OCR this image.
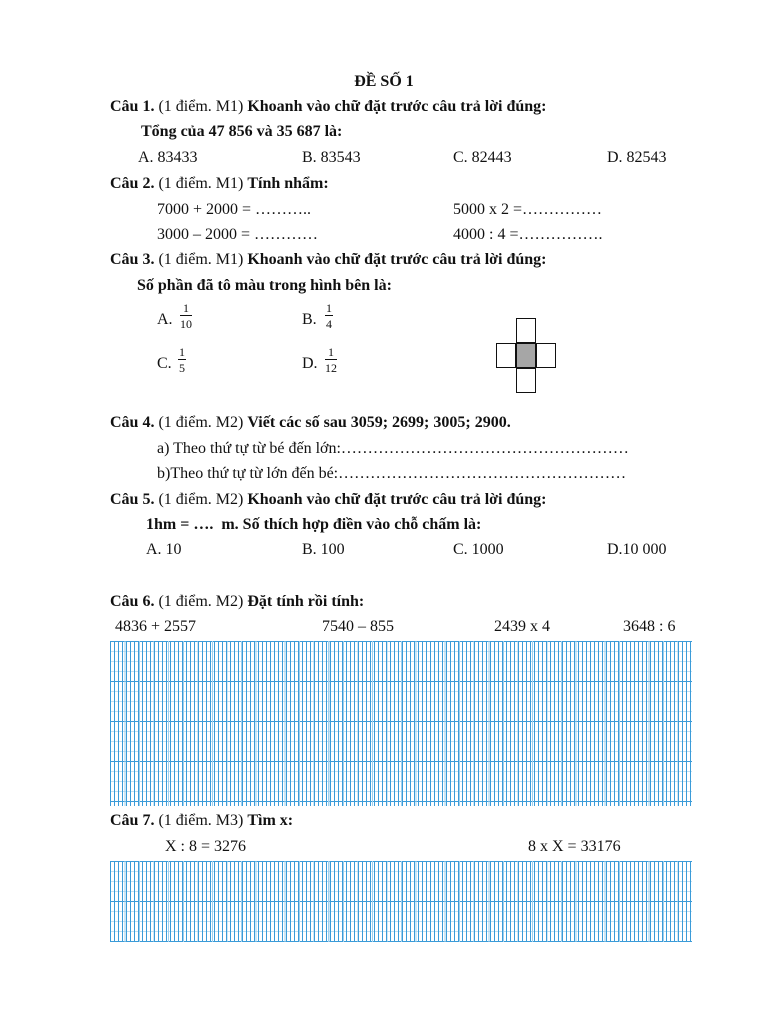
ĐỀ SỐ 1
Câu 1. (1 điểm. M1) Khoanh vào chữ đặt trước câu trả lời đúng:
Tổng của 47 856 và 35 687 là:
A. 83433	B. 83543	C. 82443	D. 82543
Câu 2. (1 điểm. M1) Tính nhẩm:
7000 + 2000 = ………..	5000 x 2 =……………
3000 – 2000 = …………	4000 : 4 =…………….
Câu 3. (1 điểm. M1) Khoanh vào chữ đặt trước câu trả lời đúng:
Số phần đã tô màu trong hình bên là:
A. $\frac{1}{10}$	B. $\frac{1}{4}$
C. $\frac{1}{5}$	D. $\frac{1}{12}$
Câu 4. (1 điểm. M2) Viết các số sau 3059; 2699; 3005; 2900.
a) Theo thứ tự từ bé đến lớn:………………………………………………
b)Theo thứ tự từ lớn đến bé:………………………………………………
Câu 5. (1 điểm. M2) Khoanh vào chữ đặt trước câu trả lời đúng:
1hm = ….  m. Số thích hợp điền vào chỗ chấm là:
A. 10	B. 100	C. 1000	D.10 000
Câu 6. (1 điểm. M2) Đặt tính rồi tính:
4836 + 2557	7540 – 855	2439 x 4	3648 : 6
Câu 7. (1 điểm. M3) Tìm x:
X : 8 = 3276	8 x X = 33176
